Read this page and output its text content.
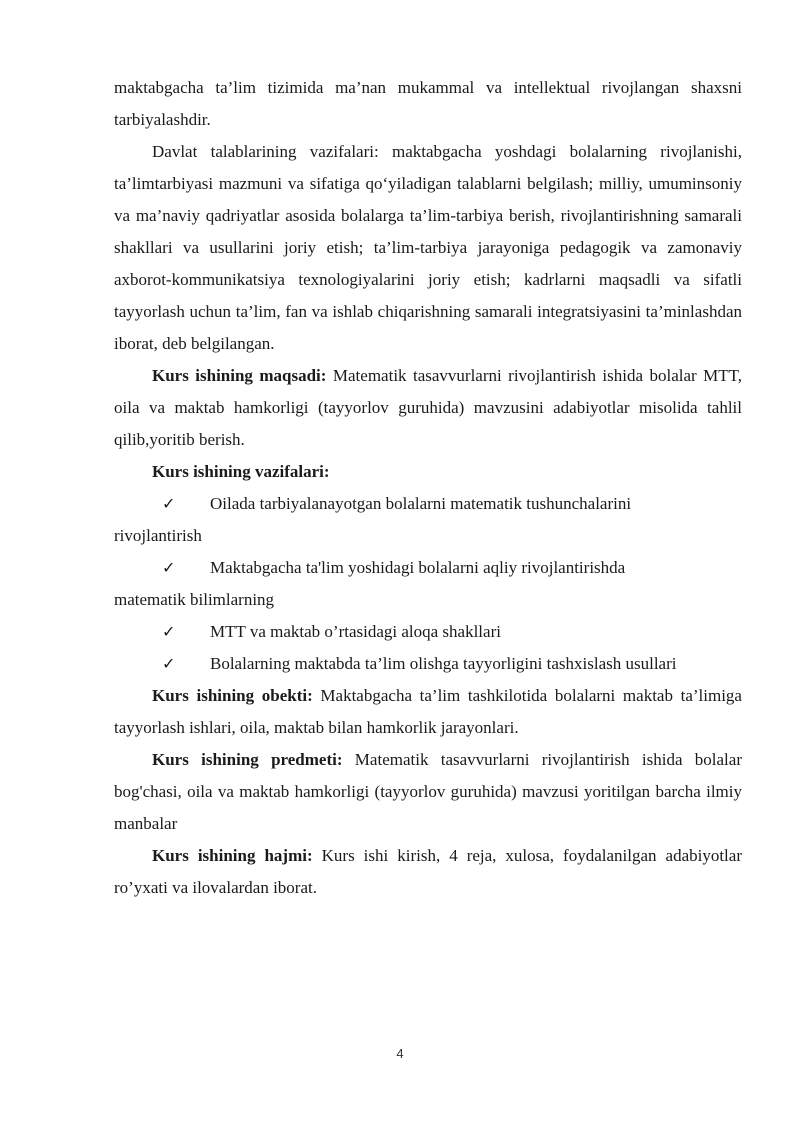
maktabgacha ta’lim tizimida ma’nan mukammal va intellektual rivojlangan shaxsni tarbiyalashdir.

Davlat talablarining vazifalari: maktabgacha yoshdagi bolalarning rivojlanishi, ta’limtarbiyasi mazmuni va sifatiga qo‘yiladigan talablarni belgilash; milliy, umuminsoniy va ma’naviy qadriyatlar asosida bolalarga ta’lim-tarbiya berish, rivojlantirishning samarali shakllari va usullarini joriy etish; ta’lim-tarbiya jarayoniga pedagogik va zamonaviy axborot-kommunikatsiya texnologiyalarini joriy etish; kadrlarni maqsadli va sifatli tayyorlash uchun ta’lim, fan va ishlab chiqarishning samarali integratsiyasini ta’minlashdan iborat, deb belgilangan.

Kurs ishining maqsadi: Matematik tasavvurlarni rivojlantirish ishida bolalar MTT, oila va maktab hamkorligi (tayyorlov guruhida) mavzusini adabiyotlar misolida tahlil qilib,yoritib berish.

Kurs ishining vazifalari:

✓	Oilada tarbiyalanayotgan bolalarni matematik tushunchalarini
rivojlantirish
✓	Maktabgacha ta'lim yoshidagi bolalarni aqliy rivojlantirishda
matematik bilimlarning
✓	MTT va maktab o’rtasidagi aloqa shakllari
✓	Bolalarning maktabda ta’lim olishga tayyorligini tashxislash usullari

Kurs ishining obekti: Maktabgacha ta’lim tashkilotida bolalarni maktab ta’limiga tayyorlash ishlari, oila, maktab bilan hamkorlik jarayonlari.

Kurs ishining predmeti: Matematik tasavvurlarni rivojlantirish ishida bolalar bog'chasi, oila va maktab hamkorligi (tayyorlov guruhida) mavzusi yoritilgan barcha ilmiy manbalar

Kurs ishining hajmi: Kurs ishi kirish, 4 reja, xulosa, foydalanilgan adabiyotlar ro’yxati va ilovalardan iborat.

4
